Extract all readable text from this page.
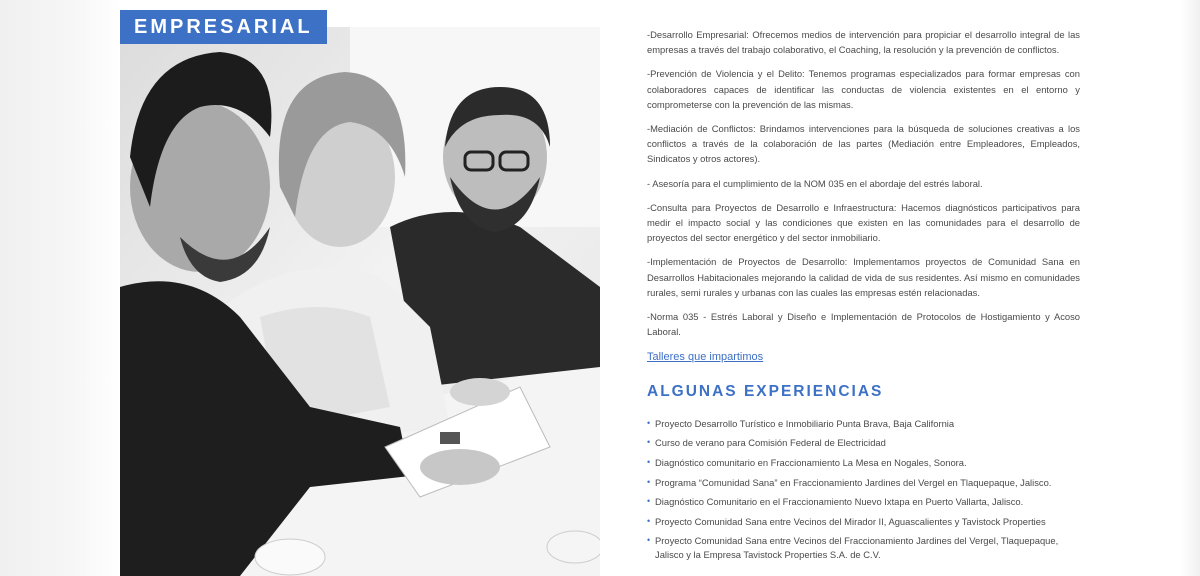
EMPRESARIAL	-Desarrollo Empresarial: Ofrecemos medios de intervención para propiciar el desarrollo integral de las empresas a través del trabajo colaborativo, el Coaching, la resolución y la prevención de conflictos.

-Prevención de Violencia y el Delito: Tenemos programas especializados para formar empresas con colaboradores capaces de identificar las conductas de violencia existentes en el entorno y comprometerse con la prevención de las mismas.

-Mediación de Conflictos: Brindamos intervenciones para la búsqueda de soluciones creativas a los conflictos a través de la colaboración de las partes (Mediación entre Empleadores, Empleados, Sindicatos y otros actores).

- Asesoría para el cumplimiento de la NOM 035 en el abordaje del estrés laboral.

-Consulta para Proyectos de Desarrollo e Infraestructura: Hacemos diagnósticos participativos para medir el impacto social y las condiciones que existen en las comunidades para el desarrollo de proyectos del sector energético y del sector inmobiliario.

-Implementación de Proyectos de Desarrollo: Implementamos proyectos de Comunidad Sana en Desarrollos Habitacionales mejorando la calidad de vida de sus residentes. Así mismo en comunidades rurales, semi rurales y urbanas con las cuales las empresas estén relacionadas.

-Norma 035 - Estrés Laboral y Diseño e Implementación de Protocolos de Hostigamiento y Acoso Laboral.

Talleres que impartimos
ALGUNAS EXPERIENCIAS
• Proyecto Desarrollo Turístico e Inmobiliario Punta Brava, Baja California
• Curso de verano para Comisión Federal de Electricidad
• Diagnóstico comunitario en Fraccionamiento La Mesa en Nogales, Sonora.
• Programa “Comunidad Sana” en Fraccionamiento Jardines del Vergel en Tlaquepaque, Jalisco.
• Diagnóstico Comunitario en el Fraccionamiento Nuevo Ixtapa en Puerto Vallarta, Jalisco.
• Proyecto Comunidad Sana entre Vecinos del Mirador II, Aguascalientes y Tavistock Properties
• Proyecto Comunidad Sana entre Vecinos del Fraccionamiento Jardines del Vergel, Tlaquepaque, Jalisco y la Empresa Tavistock Properties S.A. de C.V.
